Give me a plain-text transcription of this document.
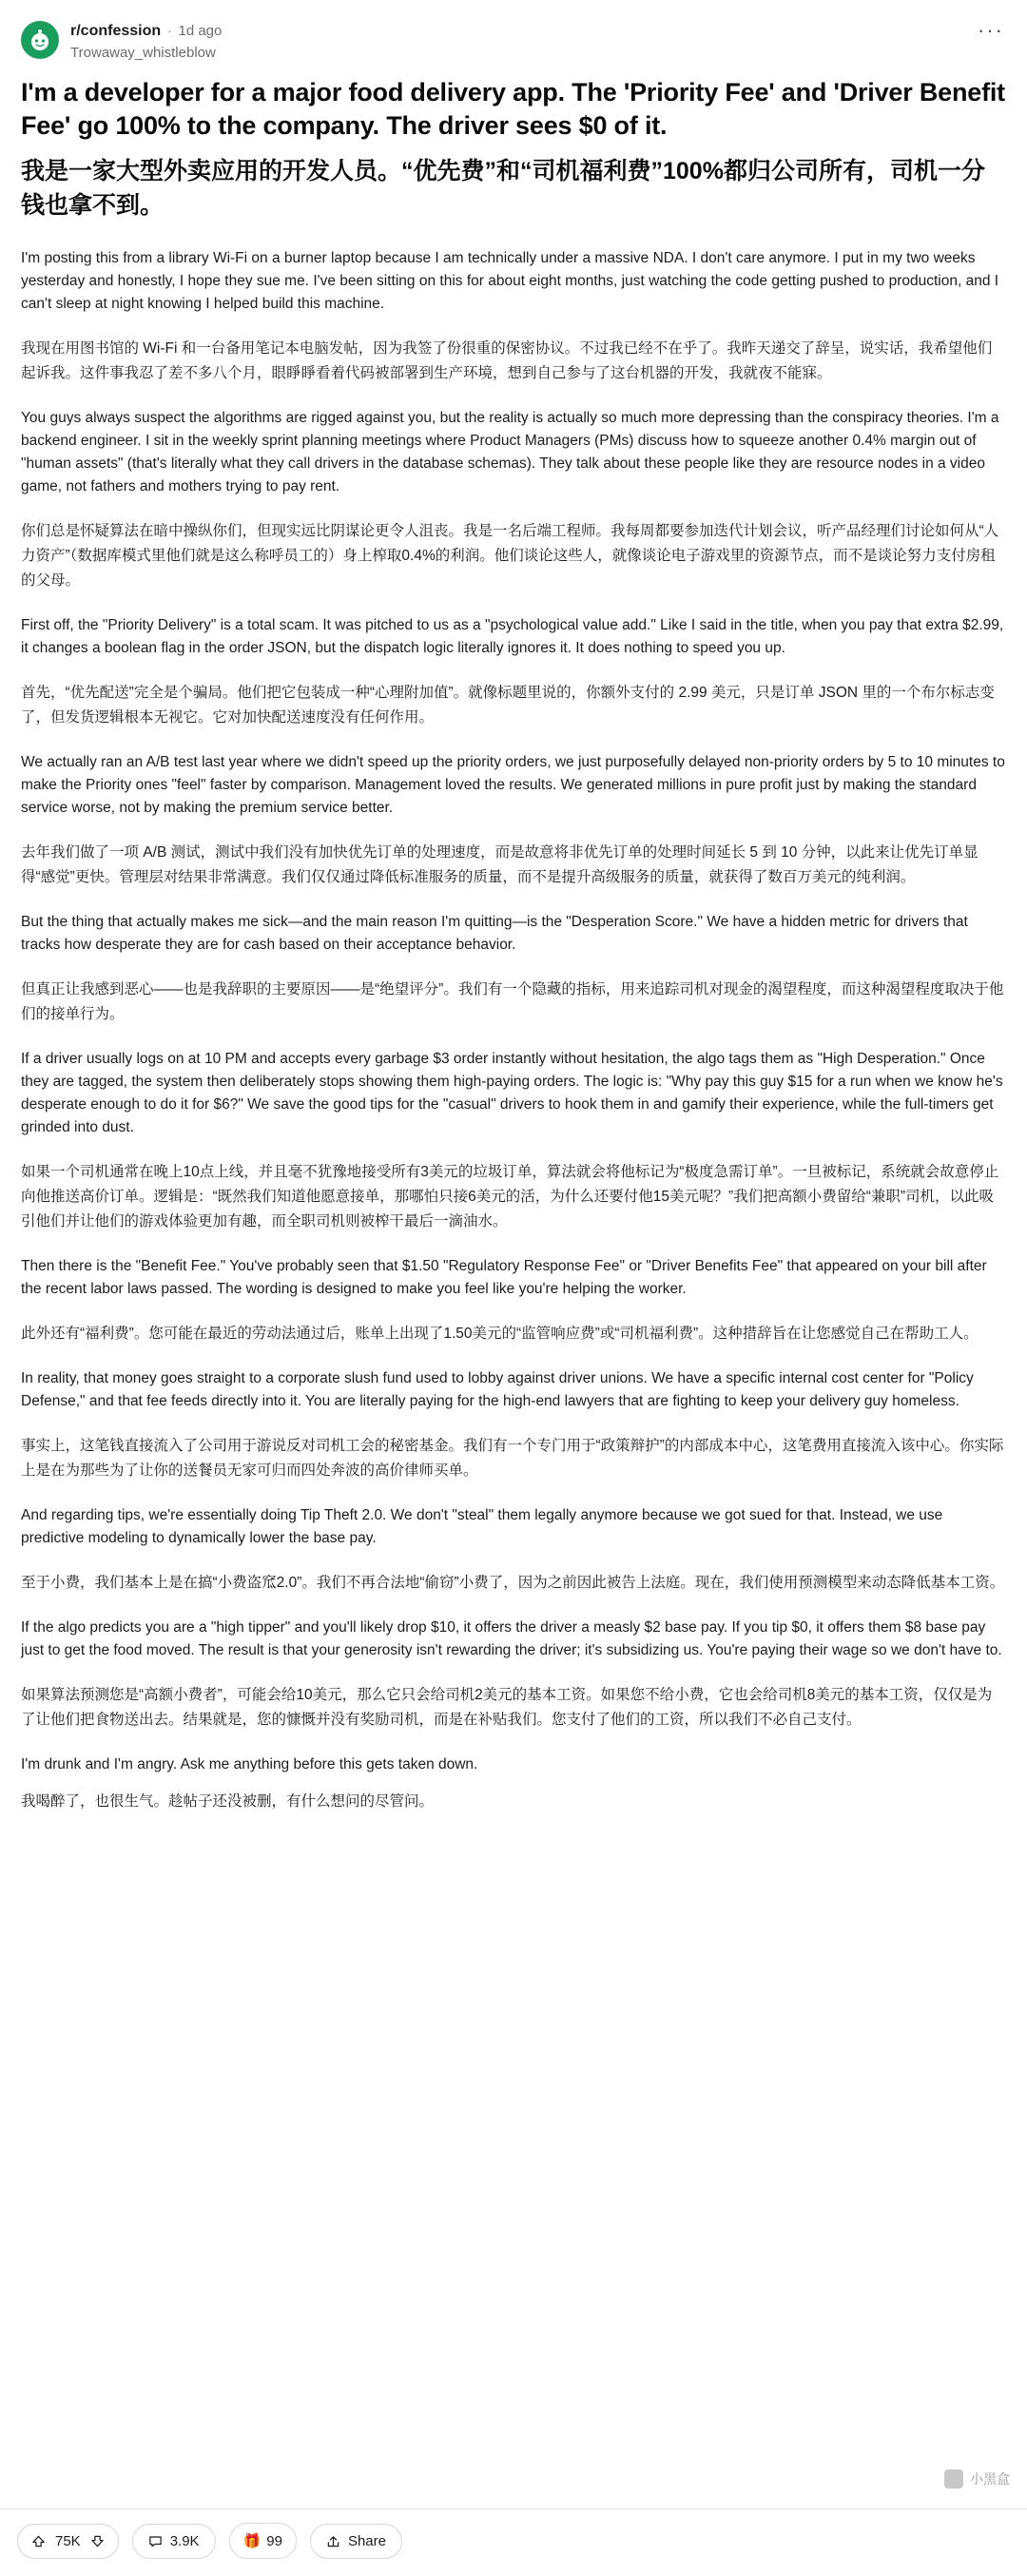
r/confession · 1d ago
Trowaway_whistleblow
···
I'm a developer for a major food delivery app. The 'Priority Fee' and 'Driver Benefit Fee' go 100% to the company. The driver sees $0 of it.
我是一家大型外卖应用的开发人员。“优先费”和“司机福利费”100%都归公司所有，司机一分钱也拿不到。

I'm posting this from a library Wi-Fi on a burner laptop because I am technically under a massive NDA. I don't care anymore. I put in my two weeks yesterday and honestly, I hope they sue me. I've been sitting on this for about eight months, just watching the code getting pushed to production, and I can't sleep at night knowing I helped build this machine.

我现在用图书馆的 Wi-Fi 和一台备用笔记本电脑发帖，因为我签了份很重的保密协议。不过我已经不在乎了。我昨天递交了辞呈，说实话，我希望他们起诉我。这件事我忍了差不多八个月，眼睜睜看着代码被部署到生产环境，想到自己参与了这台机器的开发，我就夜不能寐。

You guys always suspect the algorithms are rigged against you, but the reality is actually so much more depressing than the conspiracy theories. I'm a backend engineer. I sit in the weekly sprint planning meetings where Product Managers (PMs) discuss how to squeeze another 0.4% margin out of "human assets" (that's literally what they call drivers in the database schemas). They talk about these people like they are resource nodes in a video game, not fathers and mothers trying to pay rent.

你们总是怀疑算法在暗中操纵你们，但现实远比阴谋论更令人沮丧。我是一名后端工程师。我每周都要参加迭代计划会议，听产品经理们讨论如何从“人力资产”（数据库模式里他们就是这么称呼员工的）身上榨取0.4%的利润。他们谈论这些人，就像谈论电子游戏里的资源节点，而不是谈论努力支付房租的父母。

First off, the "Priority Delivery" is a total scam. It was pitched to us as a "psychological value add." Like I said in the title, when you pay that extra $2.99, it changes a boolean flag in the order JSON, but the dispatch logic literally ignores it. It does nothing to speed you up.

首先，“优先配送”完全是个骗局。他们把它包装成一种“心理附加值”。就像标题里说的，你额外支付的 2.99 美元，只是订单 JSON 里的一个布尔标志变了，但发货逻辑根本无视它。它对加快配送速度没有任何作用。

We actually ran an A/B test last year where we didn't speed up the priority orders, we just purposefully delayed non-priority orders by 5 to 10 minutes to make the Priority ones "feel" faster by comparison. Management loved the results. We generated millions in pure profit just by making the standard service worse, not by making the premium service better.

去年我们做了一项 A/B 测试，测试中我们没有加快优先订单的处理速度，而是故意将非优先订单的处理时间延长 5 到 10 分钟，以此来让优先订单显得“感觉”更快。管理层对结果非常满意。我们仅仅通过降低标准服务的质量，而不是提升高级服务的质量，就获得了数百万美元的纯利润。

But the thing that actually makes me sick—and the main reason I'm quitting—is the "Desperation Score." We have a hidden metric for drivers that tracks how desperate they are for cash based on their acceptance behavior.

但真正让我感到恶心——也是我辞职的主要原因——是“绝望评分”。我们有一个隐藏的指标，用来追踪司机对现金的渴望程度，而这种渴望程度取决于他们的接单行为。

If a driver usually logs on at 10 PM and accepts every garbage $3 order instantly without hesitation, the algo tags them as "High Desperation." Once they are tagged, the system then deliberately stops showing them high-paying orders. The logic is: "Why pay this guy $15 for a run when we know he's desperate enough to do it for $6?" We save the good tips for the "casual" drivers to hook them in and gamify their experience, while the full-timers get grinded into dust.

如果一个司机通常在晚上10点上线，并且毫不犹豫地接受所有3美元的垃圾订单，算法就会将他标记为“极度急需订单”。一旦被标记，系统就会故意停止向他推送高价订单。逻辑是：“既然我们知道他愿意接单，那哪怕只接6美元的活，为什么还要付他15美元呢？”我们把高额小费留给“兼职”司机，以此吸引他们并让他们的游戏体验更加有趣，而全职司机则被榨干最后一滴油水。

Then there is the "Benefit Fee." You've probably seen that $1.50 "Regulatory Response Fee" or "Driver Benefits Fee" that appeared on your bill after the recent labor laws passed. The wording is designed to make you feel like you're helping the worker.

此外还有“福利费”。您可能在最近的劳动法通过后，账单上出现了1.50美元的“监管响应费”或“司机福利费”。这种措辞旨在让您感觉自己在帮助工人。

In reality, that money goes straight to a corporate slush fund used to lobby against driver unions. We have a specific internal cost center for "Policy Defense," and that fee feeds directly into it. You are literally paying for the high-end lawyers that are fighting to keep your delivery guy homeless.

事实上，这笔钱直接流入了公司用于游说反对司机工会的秘密基金。我们有一个专门用于“政策辩护”的内部成本中心，这笔费用直接流入该中心。你实际上是在为那些为了让你的送餐员无家可归而四处奔波的高价律师买单。

And regarding tips, we're essentially doing Tip Theft 2.0. We don't "steal" them legally anymore because we got sued for that. Instead, we use predictive modeling to dynamically lower the base pay.

至于小费，我们基本上是在搞“小费盗窊2.0”。我们不再合法地“偷窃”小费了，因为之前因此被告上法庭。现在，我们使用预测模型来动态降低基本工资。

If the algo predicts you are a "high tipper" and you'll likely drop $10, it offers the driver a measly $2 base pay. If you tip $0, it offers them $8 base pay just to get the food moved. The result is that your generosity isn't rewarding the driver; it's subsidizing us. You're paying their wage so we don't have to.

如果算法预测您是“高额小费者”，可能会给10美元，那么它只会给司机2美元的基本工资。如果您不给小费，它也会给司机8美元的基本工资，仅仅是为了让他们把食物送出去。结果就是，您的慷慨并没有奖励司机，而是在补贴我们。您支付了他们的工资，所以我们不必自己支付。

I'm drunk and I'm angry. Ask me anything before this gets taken down.

我喝醉了，也很生气。趁帖子还没被删，有什么想问的尽管问。

小黑盒
75K	3.9K	🎁 99	Share
